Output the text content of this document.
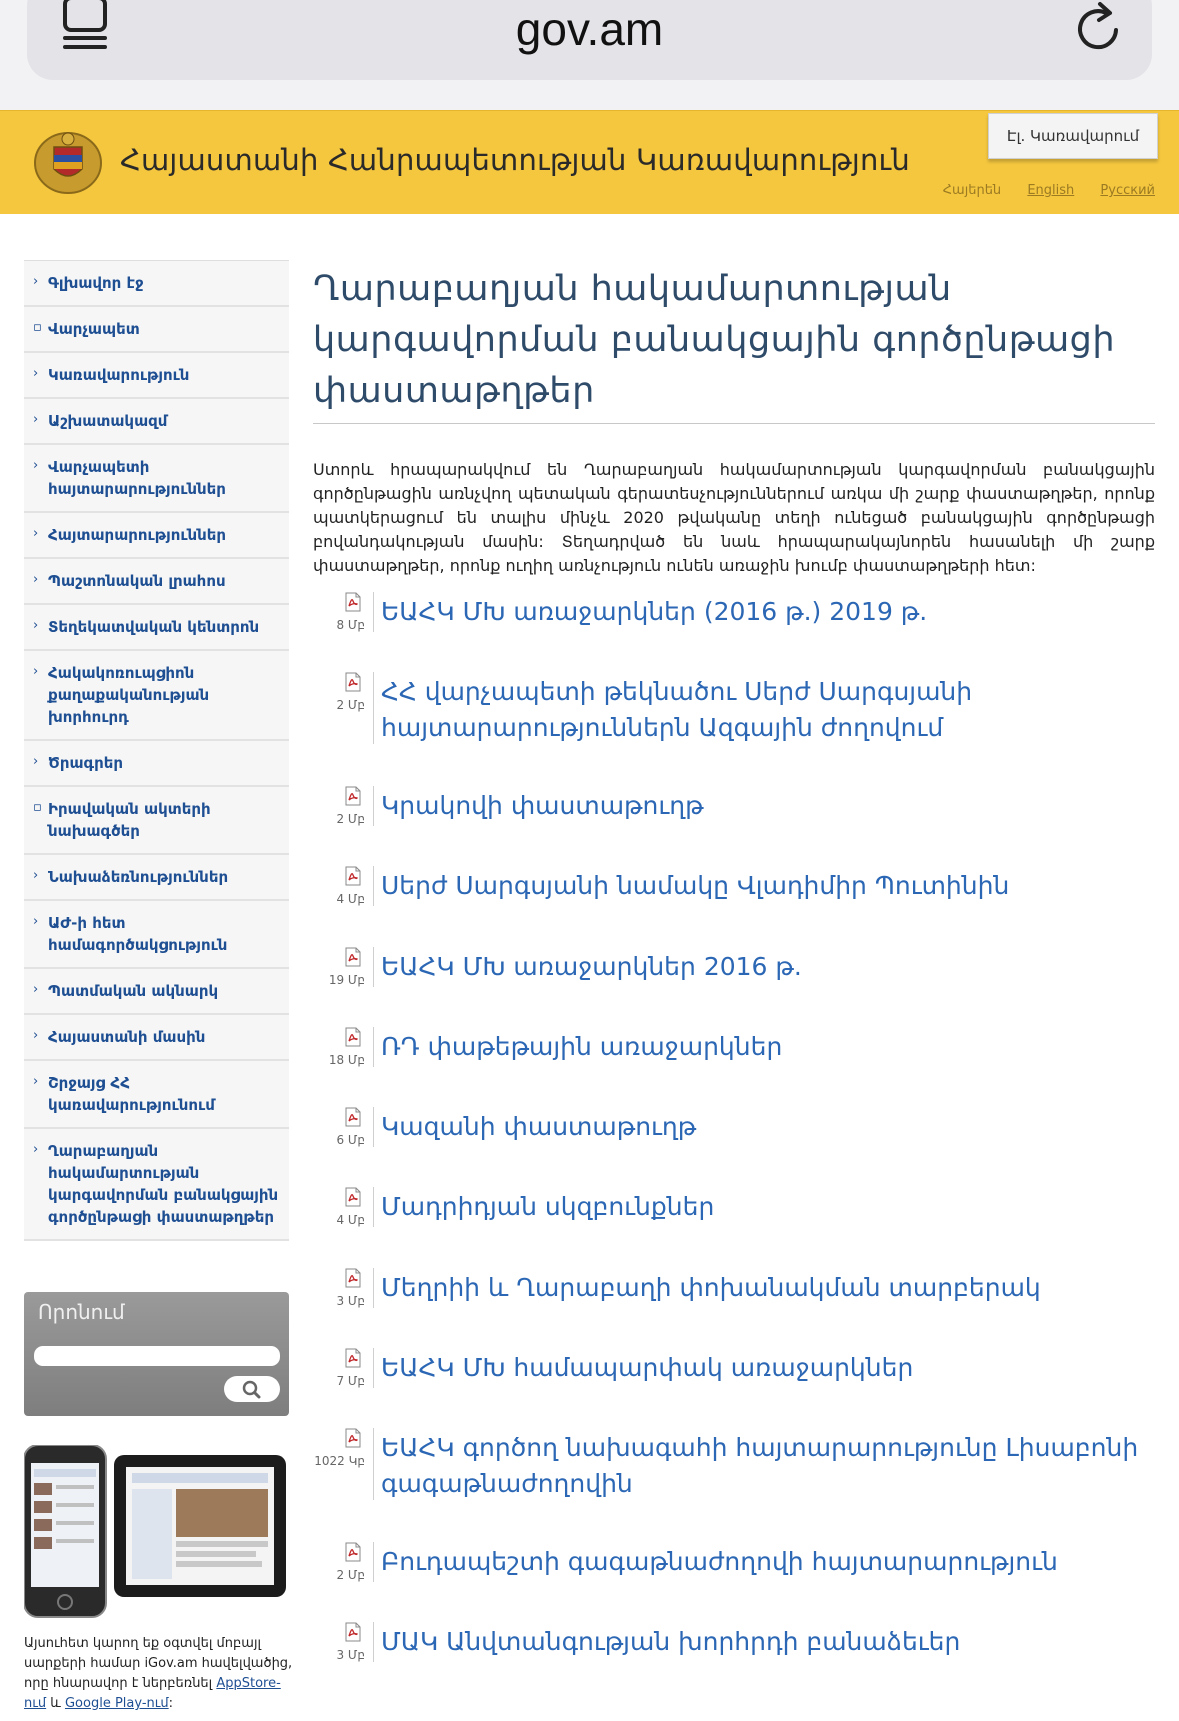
gov.am
Հայաստանի Հանրապետության Կառավարություն
Էլ. Կառավարում
Հայերեն English Русский
› Գլխավոր էջ
▫ Վարչապետ
› Կառավարություն
› Աշխատակազմ
› Վարչապետի հայտարարություններ
› Հայտարարություններ
› Պաշտոնական լրահոս
› Տեղեկատվական կենտրոն
› Հակակոռուպցիոն քաղաքականության խորհուրդ
› Ծրագրեր
▫ Իրավական ակտերի նախագծեր
› Նախաձեռնություններ
› ԱԺ-ի հետ համագործակցություն
› Պատմական ակնարկ
› Հայաստանի մասին
› Շրջայց ՀՀ կառավարությունում
› Ղարաբաղյան հակամարտության կարգավորման բանակցային գործընթացի փաստաթղթեր
Որոնում
Այսուհետ կարող եք օգտվել մոբայլ սարքերի համար iGov.am հավելվածից, որը հնարավոր է ներբեռնել AppStore-ում և Google Play-ում:
Ղարաբաղյան հակամարտության կարգավորման բանակցային գործընթացի փաստաթղթեր
Ստորև հրապարակվում են Ղարաբաղյան հակամարտության կարգավորման բանակցային գործընթացին առնչվող պետական գերատեսչություններում առկա մի շարք փաստաթղթեր, որոնք պատկերացում են տալիս մինչև 2020 թվականը տեղի ունեցած բանակցային գործընթացի բովանդակության մասին: Տեղադրված են նաև հրապարակայնորեն հասանելի մի շարք փաստաթղթեր, որոնք ուղիղ առնչություն ունեն առաջին խումբ փաստաթղթերի հետ:
8 Մբ ԵԱՀԿ ՄԽ առաջարկներ (2016 թ.) 2019 թ.
2 Մբ ՀՀ վարչապետի թեկնածու Սերժ Սարգսյանի հայտարարություններն Ազգային ժողովում
2 Մբ Կրակովի փաստաթուղթ
4 Մբ Սերժ Սարգսյանի նամակը Վլադիմիր Պուտինին
19 Մբ ԵԱՀԿ ՄԽ առաջարկներ 2016 թ.
18 Մբ ՌԴ փաթեթային առաջարկներ
6 Մբ Կազանի փաստաթուղթ
4 Մբ Մադրիդյան սկզբունքներ
3 Մբ Մեղրիի և Ղարաբաղի փոխանակման տարբերակ
7 Մբ ԵԱՀԿ ՄԽ համապարփակ առաջարկներ
1022 Կբ ԵԱՀԿ գործող նախագահի հայտարարությունը Լիսաբոնի գագաթնաժողովին
2 Մբ Բուդապեշտի գագաթնաժողովի հայտարարություն
3 Մբ ՄԱԿ Անվտանգության խորհրդի բանաձեւեր
